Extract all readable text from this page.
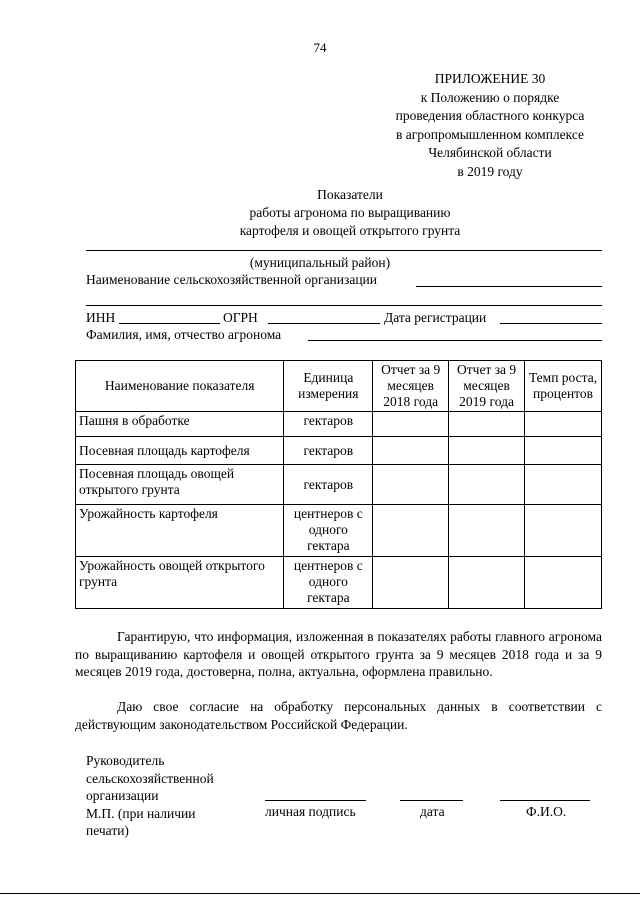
74
ПРИЛОЖЕНИЕ 30
к Положению о порядке
проведения областного конкурса
в агропромышленном комплексе
Челябинской области
в 2019 году
Показатели
работы агронома по выращиванию
картофеля и овощей открытого грунта
(муниципальный район)
Наименование сельскохозяйственной организации
ИНН	ОГРН	Дата регистрации
Фамилия, имя, отчество агронома
Наименование показателя	Единица измерения	Отчет за 9 месяцев 2018 года	Отчет за 9 месяцев 2019 года	Темп роста, процентов
Пашня в обработке	гектаров			
Посевная площадь картофеля	гектаров			
Посевная площадь овощей открытого грунта	гектаров			
Урожайность картофеля	центнеров с одного гектара			
Урожайность овощей открытого грунта	центнеров с одного гектара			
Гарантирую, что информация, изложенная в показателях работы главного агронома по выращиванию картофеля и овощей открытого грунта за 9 месяцев 2018 года и за 9 месяцев 2019 года, достоверна, полна, актуальна, оформлена правильно.
Даю свое согласие на обработку персональных данных в соответствии с действующим законодательством Российской Федерации.
Руководитель
сельскохозяйственной
организации
М.П. (при наличии
печати)
личная подпись	дата	Ф.И.О.
